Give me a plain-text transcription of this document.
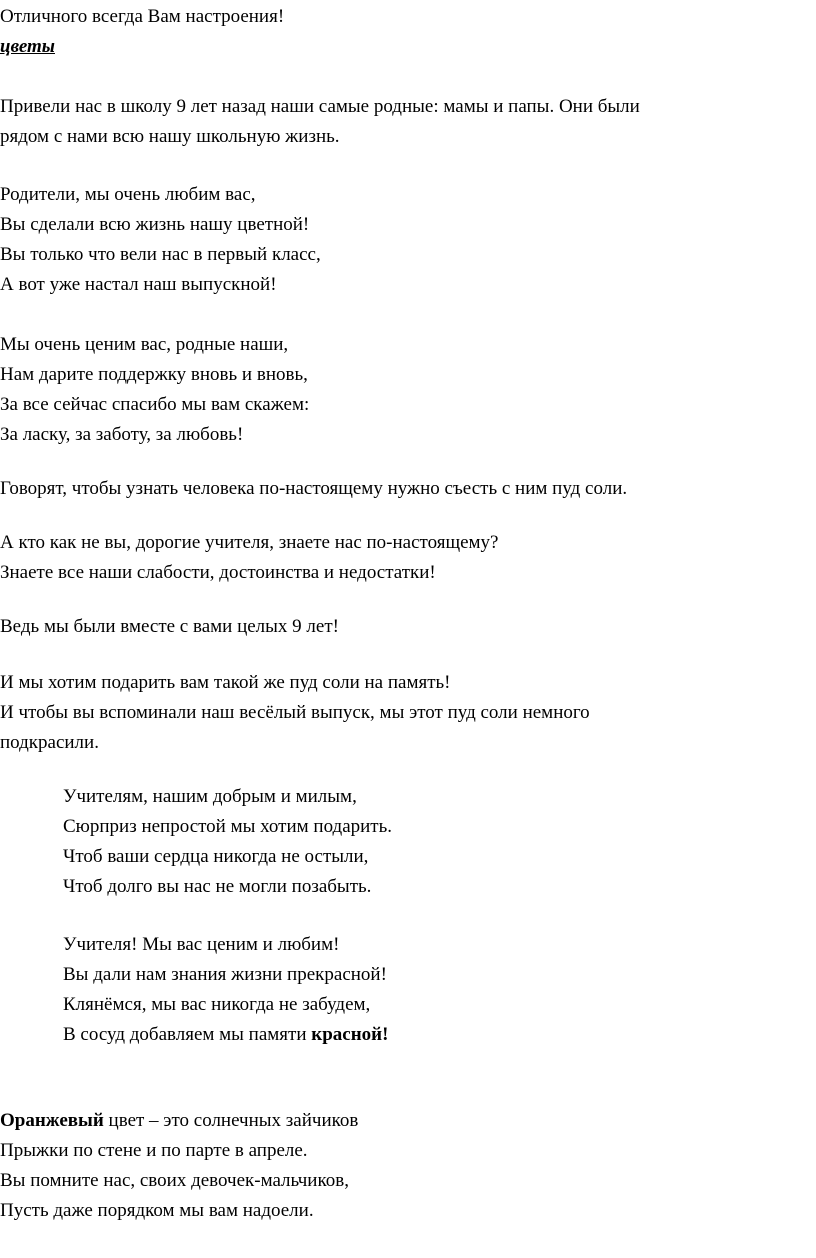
Отличного всегда Вам настроения!

цветы

Привели нас в школу 9 лет назад наши самые родные: мамы и папы. Они были
рядом с нами всю нашу школьную жизнь.

Родители, мы очень любим вас,
Вы сделали всю жизнь нашу цветной!
Вы только что вели нас в первый класс,
А вот уже настал наш выпускной!

Мы очень ценим вас, родные наши,
Нам дарите поддержку вновь и вновь,
За все сейчас спасибо мы вам скажем:
За ласку, за заботу, за любовь!

Говорят, чтобы узнать человека по-настоящему нужно съесть с ним пуд соли.

А кто как не вы, дорогие учителя, знаете нас по-настоящему?
Знаете все наши слабости, достоинства и недостатки!

Ведь мы были вместе с вами целых 9 лет!

И мы хотим подарить вам такой же пуд соли на память!
И чтобы вы вспоминали наш весёлый выпуск, мы этот пуд соли немного
подкрасили.

Учителям, нашим добрым и милым,
Сюрприз непростой мы хотим подарить.
Чтоб ваши сердца никогда не остыли,
Чтоб долго вы нас не могли позабыть.

Учителя! Мы вас ценим и любим!
Вы дали нам знания жизни прекрасной!
Клянёмся, мы вас никогда не забудем,
В сосуд добавляем мы памяти красной!

Оранжевый цвет – это солнечных зайчиков
Прыжки по стене и по парте в апреле.
Вы помните нас, своих девочек-мальчиков,
Пусть даже порядком мы вам надоели.
